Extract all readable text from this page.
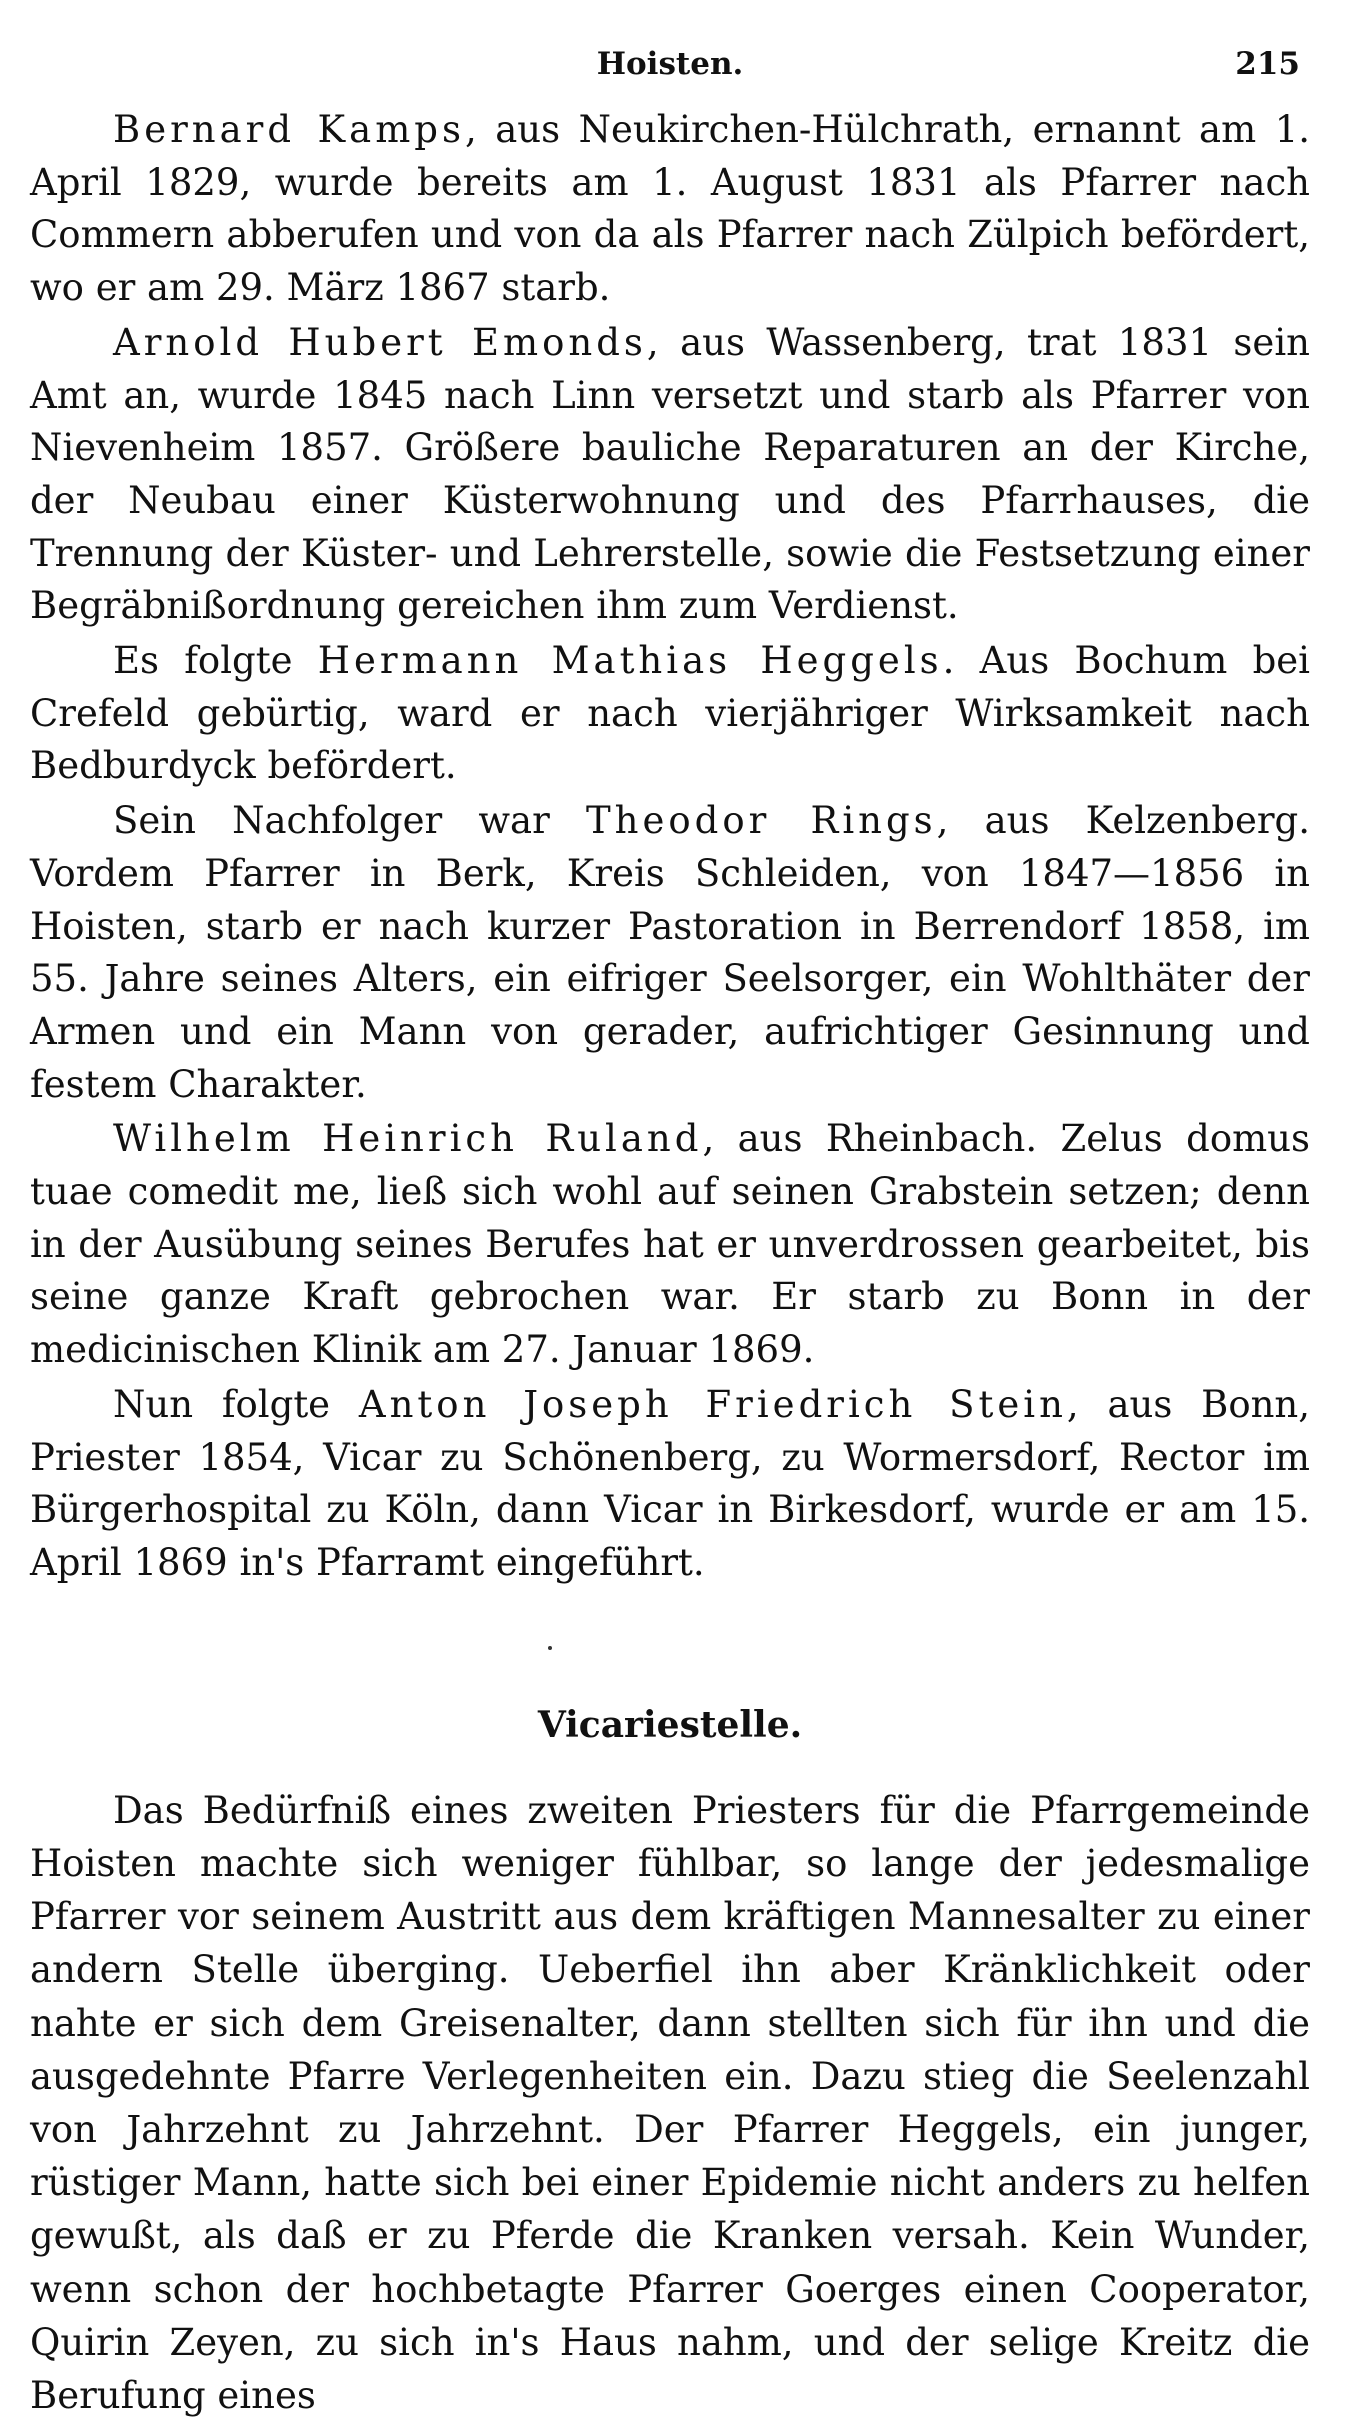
Hoisten.	215

Bernard Kamps, aus Neukirchen-Hülchrath, ernannt am 1. April 1829, wurde bereits am 1. August 1831 als Pfarrer nach Commern abberufen und von da als Pfarrer nach Zülpich befördert, wo er am 29. März 1867 starb.

Arnold Hubert Emonds, aus Wassenberg, trat 1831 sein Amt an, wurde 1845 nach Linn versetzt und starb als Pfarrer von Nievenheim 1857. Größere bauliche Reparaturen an der Kirche, der Neubau einer Küsterwohnung und des Pfarrhauses, die Trennung der Küster- und Lehrerstelle, sowie die Festsetzung einer Begräbnißordnung gereichen ihm zum Verdienst.

Es folgte Hermann Mathias Heggels. Aus Bochum bei Crefeld gebürtig, ward er nach vierjähriger Wirksamkeit nach Bedburdyck befördert.

Sein Nachfolger war Theodor Rings, aus Kelzenberg. Vordem Pfarrer in Berk, Kreis Schleiden, von 1847—1856 in Hoisten, starb er nach kurzer Pastoration in Berrendorf 1858, im 55. Jahre seines Alters, ein eifriger Seelsorger, ein Wohlthäter der Armen und ein Mann von gerader, aufrichtiger Gesinnung und festem Charakter.

Wilhelm Heinrich Ruland, aus Rheinbach. Zelus domus tuae comedit me, ließ sich wohl auf seinen Grabstein setzen; denn in der Ausübung seines Berufes hat er unverdrossen gearbeitet, bis seine ganze Kraft gebrochen war. Er starb zu Bonn in der medicinischen Klinik am 27. Januar 1869.

Nun folgte Anton Joseph Friedrich Stein, aus Bonn, Priester 1854, Vicar zu Schönenberg, zu Wormersdorf, Rector im Bürgerhospital zu Köln, dann Vicar in Birkesdorf, wurde er am 15. April 1869 in's Pfarramt eingeführt.

Vicariestelle.

Das Bedürfniß eines zweiten Priesters für die Pfarrgemeinde Hoisten machte sich weniger fühlbar, so lange der jedesmalige Pfarrer vor seinem Austritt aus dem kräftigen Mannesalter zu einer andern Stelle überging. Ueberfiel ihn aber Kränklichkeit oder nahte er sich dem Greisenalter, dann stellten sich für ihn und die ausgedehnte Pfarre Verlegenheiten ein. Dazu stieg die Seelenzahl von Jahrzehnt zu Jahrzehnt. Der Pfarrer Heggels, ein junger, rüstiger Mann, hatte sich bei einer Epidemie nicht anders zu helfen gewußt, als daß er zu Pferde die Kranken versah. Kein Wunder, wenn schon der hochbetagte Pfarrer Goerges einen Cooperator, Quirin Zeyen, zu sich in's Haus nahm, und der selige Kreitz die Berufung eines
